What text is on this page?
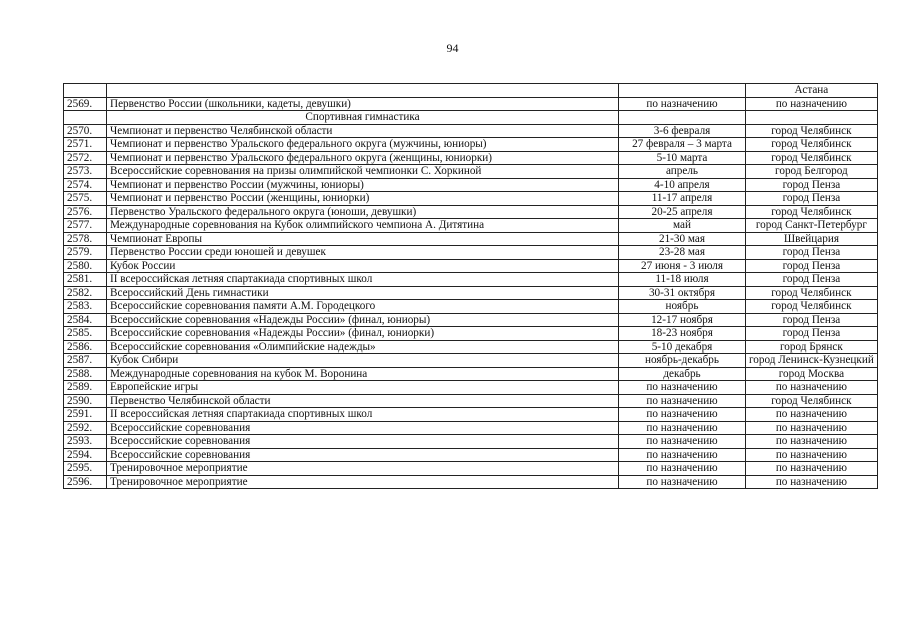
94
			Астана
2569.	Первенство России (школьники, кадеты, девушки)	по назначению	по назначению
	Спортивная гимнастика		
2570.	Чемпионат и первенство Челябинской области	3-6 февраля	город Челябинск
2571.	Чемпионат и первенство Уральского федерального округа (мужчины, юниоры)	27 февраля – 3 марта	город Челябинск
2572.	Чемпионат и первенство Уральского федерального округа (женщины, юниорки)	5-10 марта	город Челябинск
2573.	Всероссийские соревнования на призы олимпийской чемпионки С. Хоркиной	апрель	город Белгород
2574.	Чемпионат и первенство России (мужчины, юниоры)	4-10 апреля	город Пенза
2575.	Чемпионат и первенство России (женщины, юниорки)	11-17 апреля	город Пенза
2576.	Первенство Уральского федерального округа (юноши, девушки)	20-25 апреля	город Челябинск
2577.	Международные соревнования на Кубок олимпийского чемпиона А. Дитятина	май	город Санкт-Петербург
2578.	Чемпионат Европы	21-30 мая	Швейцария
2579.	Первенство России среди юношей и девушек	23-28 мая	город Пенза
2580.	Кубок России	27 июня - 3 июля	город Пенза
2581.	II всероссийская летняя спартакиада спортивных школ	11-18 июля	город Пенза
2582.	Всероссийский День гимнастики	30-31 октября	город Челябинск
2583.	Всероссийские соревнования памяти А.М. Городецкого	ноябрь	город Челябинск
2584.	Всероссийские соревнования «Надежды России» (финал, юниоры)	12-17 ноября	город Пенза
2585.	Всероссийские соревнования «Надежды России» (финал, юниорки)	18-23 ноября	город Пенза
2586.	Всероссийские соревнования «Олимпийские надежды»	5-10 декабря	город Брянск
2587.	Кубок Сибири	ноябрь-декабрь	город Ленинск-Кузнецкий
2588.	Международные соревнования на кубок М. Воронина	декабрь	город Москва
2589.	Европейские игры	по назначению	по назначению
2590.	Первенство Челябинской области	по назначению	город Челябинск
2591.	II всероссийская летняя спартакиада спортивных школ	по назначению	по назначению
2592.	Всероссийские соревнования	по назначению	по назначению
2593.	Всероссийские соревнования	по назначению	по назначению
2594.	Всероссийские соревнования	по назначению	по назначению
2595.	Тренировочное мероприятие	по назначению	по назначению
2596.	Тренировочное мероприятие	по назначению	по назначению
